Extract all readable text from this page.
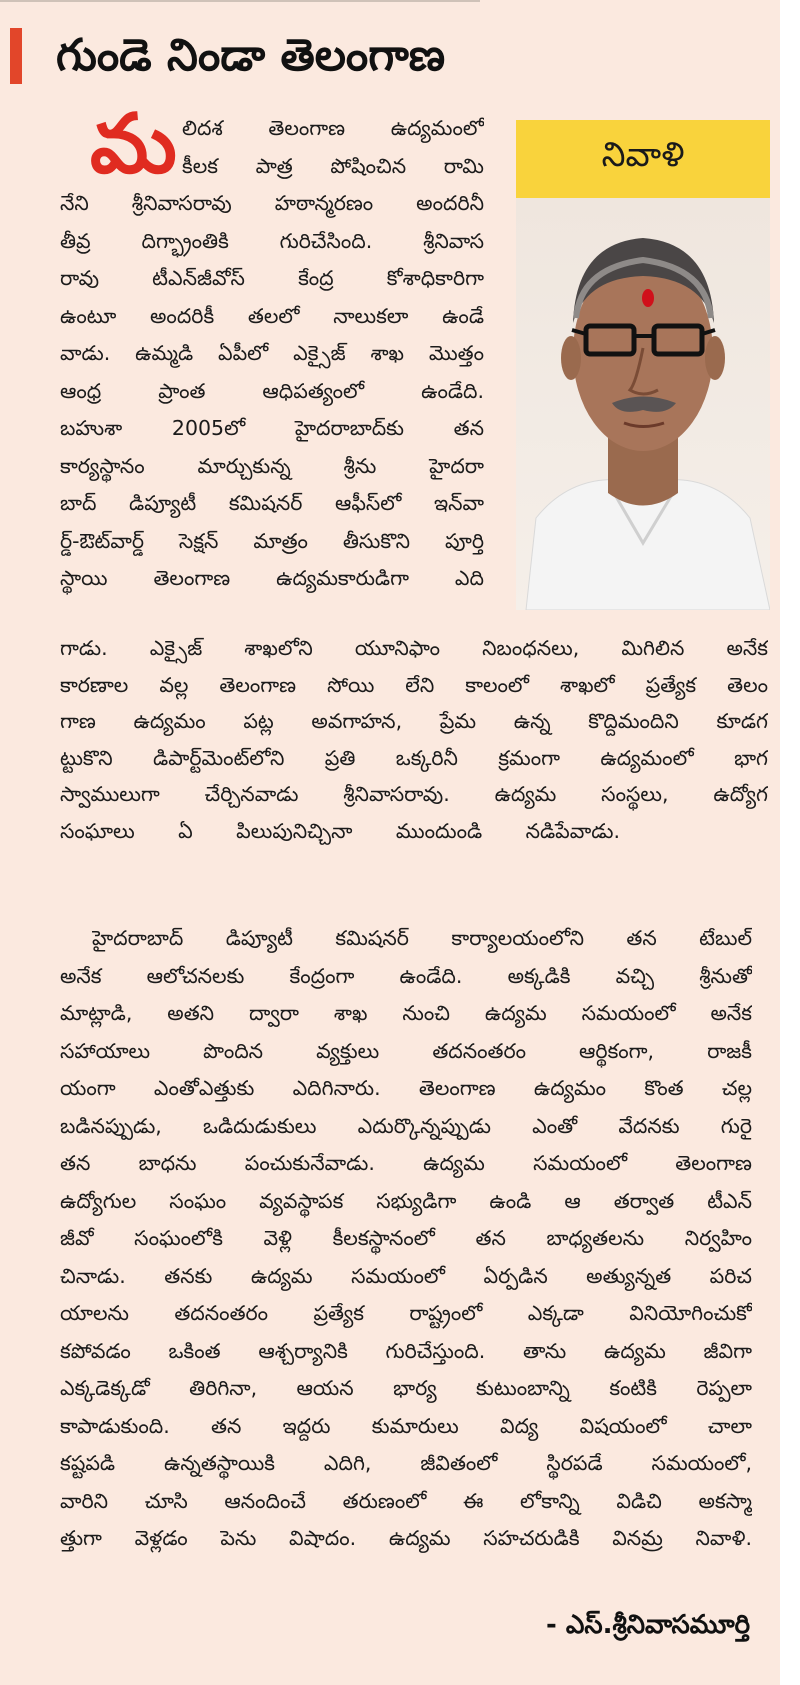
గుండె నిండా తెలంగాణ
మ	నివాళి
లిదశ తెలంగాణ ఉద్యమంలో
కీలక పాత్ర పోషించిన రామి
నేని శ్రీనివాసరావు హఠాన్మరణం అందరినీ
తీవ్ర దిగ్భ్రాంతికి గురిచేసింది. శ్రీనివాస
రావు టీఎన్‌జీవోస్ కేంద్ర కోశాధికారిగా
ఉంటూ అందరికీ తలలో నాలుకలా ఉండే
వాడు. ఉమ్మడి ఏపీలో ఎక్సైజ్ శాఖ మొత్తం
ఆంధ్ర ప్రాంత ఆధిపత్యంలో ఉండేది.
బహుశా 2005లో హైదరాబాద్‌కు తన
కార్యస్థానం మార్చుకున్న శ్రీను హైదరా
బాద్ డిప్యూటీ కమిషనర్ ఆఫీస్‌లో ఇన్‌వా
ర్డ్-ఔట్‌వార్డ్ సెక్షన్ మాత్రం తీసుకొని పూర్తి
స్థాయి తెలంగాణ ఉద్యమకారుడిగా ఎది
గాడు. ఎక్సైజ్ శాఖలోని యూనిఫాం నిబంధనలు, మిగిలిన అనేక
కారణాల వల్ల తెలంగాణ సోయి లేని కాలంలో శాఖలో ప్రత్యేక తెలం
గాణ ఉద్యమం పట్ల అవగాహన, ప్రేమ ఉన్న కొద్దిమందిని కూడగ
ట్టుకొని డిపార్ట్‌మెంట్‌లోని ప్రతి ఒక్కరినీ క్రమంగా ఉద్యమంలో భాగ
స్వాములుగా చేర్చినవాడు శ్రీనివాసరావు. ఉద్యమ సంస్థలు, ఉద్యోగ
సంఘాలు ఏ పిలుపునిచ్చినా ముందుండి నడిపేవాడు.
హైదరాబాద్ డిప్యూటీ కమిషనర్ కార్యాలయంలోని తన టేబుల్
అనేక ఆలోచనలకు కేంద్రంగా ఉండేది. అక్కడికి వచ్చి శ్రీనుతో
మాట్లాడి, అతని ద్వారా శాఖ నుంచి ఉద్యమ సమయంలో అనేక
సహాయాలు పొందిన వ్యక్తులు తదనంతరం ఆర్థికంగా, రాజకీ
యంగా ఎంతోఎత్తుకు ఎదిగినారు. తెలంగాణ ఉద్యమం కొంత చల్ల
బడినప్పుడు, ఒడిదుడుకులు ఎదుర్కొన్నప్పుడు ఎంతో వేదనకు గురై
తన బాధను పంచుకునేవాడు. ఉద్యమ సమయంలో తెలంగాణ
ఉద్యోగుల సంఘం వ్యవస్థాపక సభ్యుడిగా ఉండి ఆ తర్వాత టీఎన్
జీవో సంఘంలోకి వెళ్లి కీలకస్థానంలో తన బాధ్యతలను నిర్వహిం
చినాడు. తనకు ఉద్యమ సమయంలో ఏర్పడిన అత్యున్నత పరిచ
యాలను తదనంతరం ప్రత్యేక రాష్ట్రంలో ఎక్కడా వినియోగించుకో
కపోవడం ఒకింత ఆశ్చర్యానికి గురిచేస్తుంది. తాను ఉద్యమ జీవిగా
ఎక్కడెక్కడో తిరిగినా, ఆయన భార్య కుటుంబాన్ని కంటికి రెప్పలా
కాపాడుకుంది. తన ఇద్దరు కుమారులు విద్య విషయంలో చాలా
కష్టపడి ఉన్నతస్థాయికి ఎదిగి, జీవితంలో స్థిరపడే సమయంలో,
వారిని చూసి ఆనందించే తరుణంలో ఈ లోకాన్ని విడిచి అకస్మా
త్తుగా వెళ్లడం పెను విషాదం. ఉద్యమ సహచరుడికి వినమ్ర నివాళి.
- ఎస్.శ్రీనివాసమూర్తి
